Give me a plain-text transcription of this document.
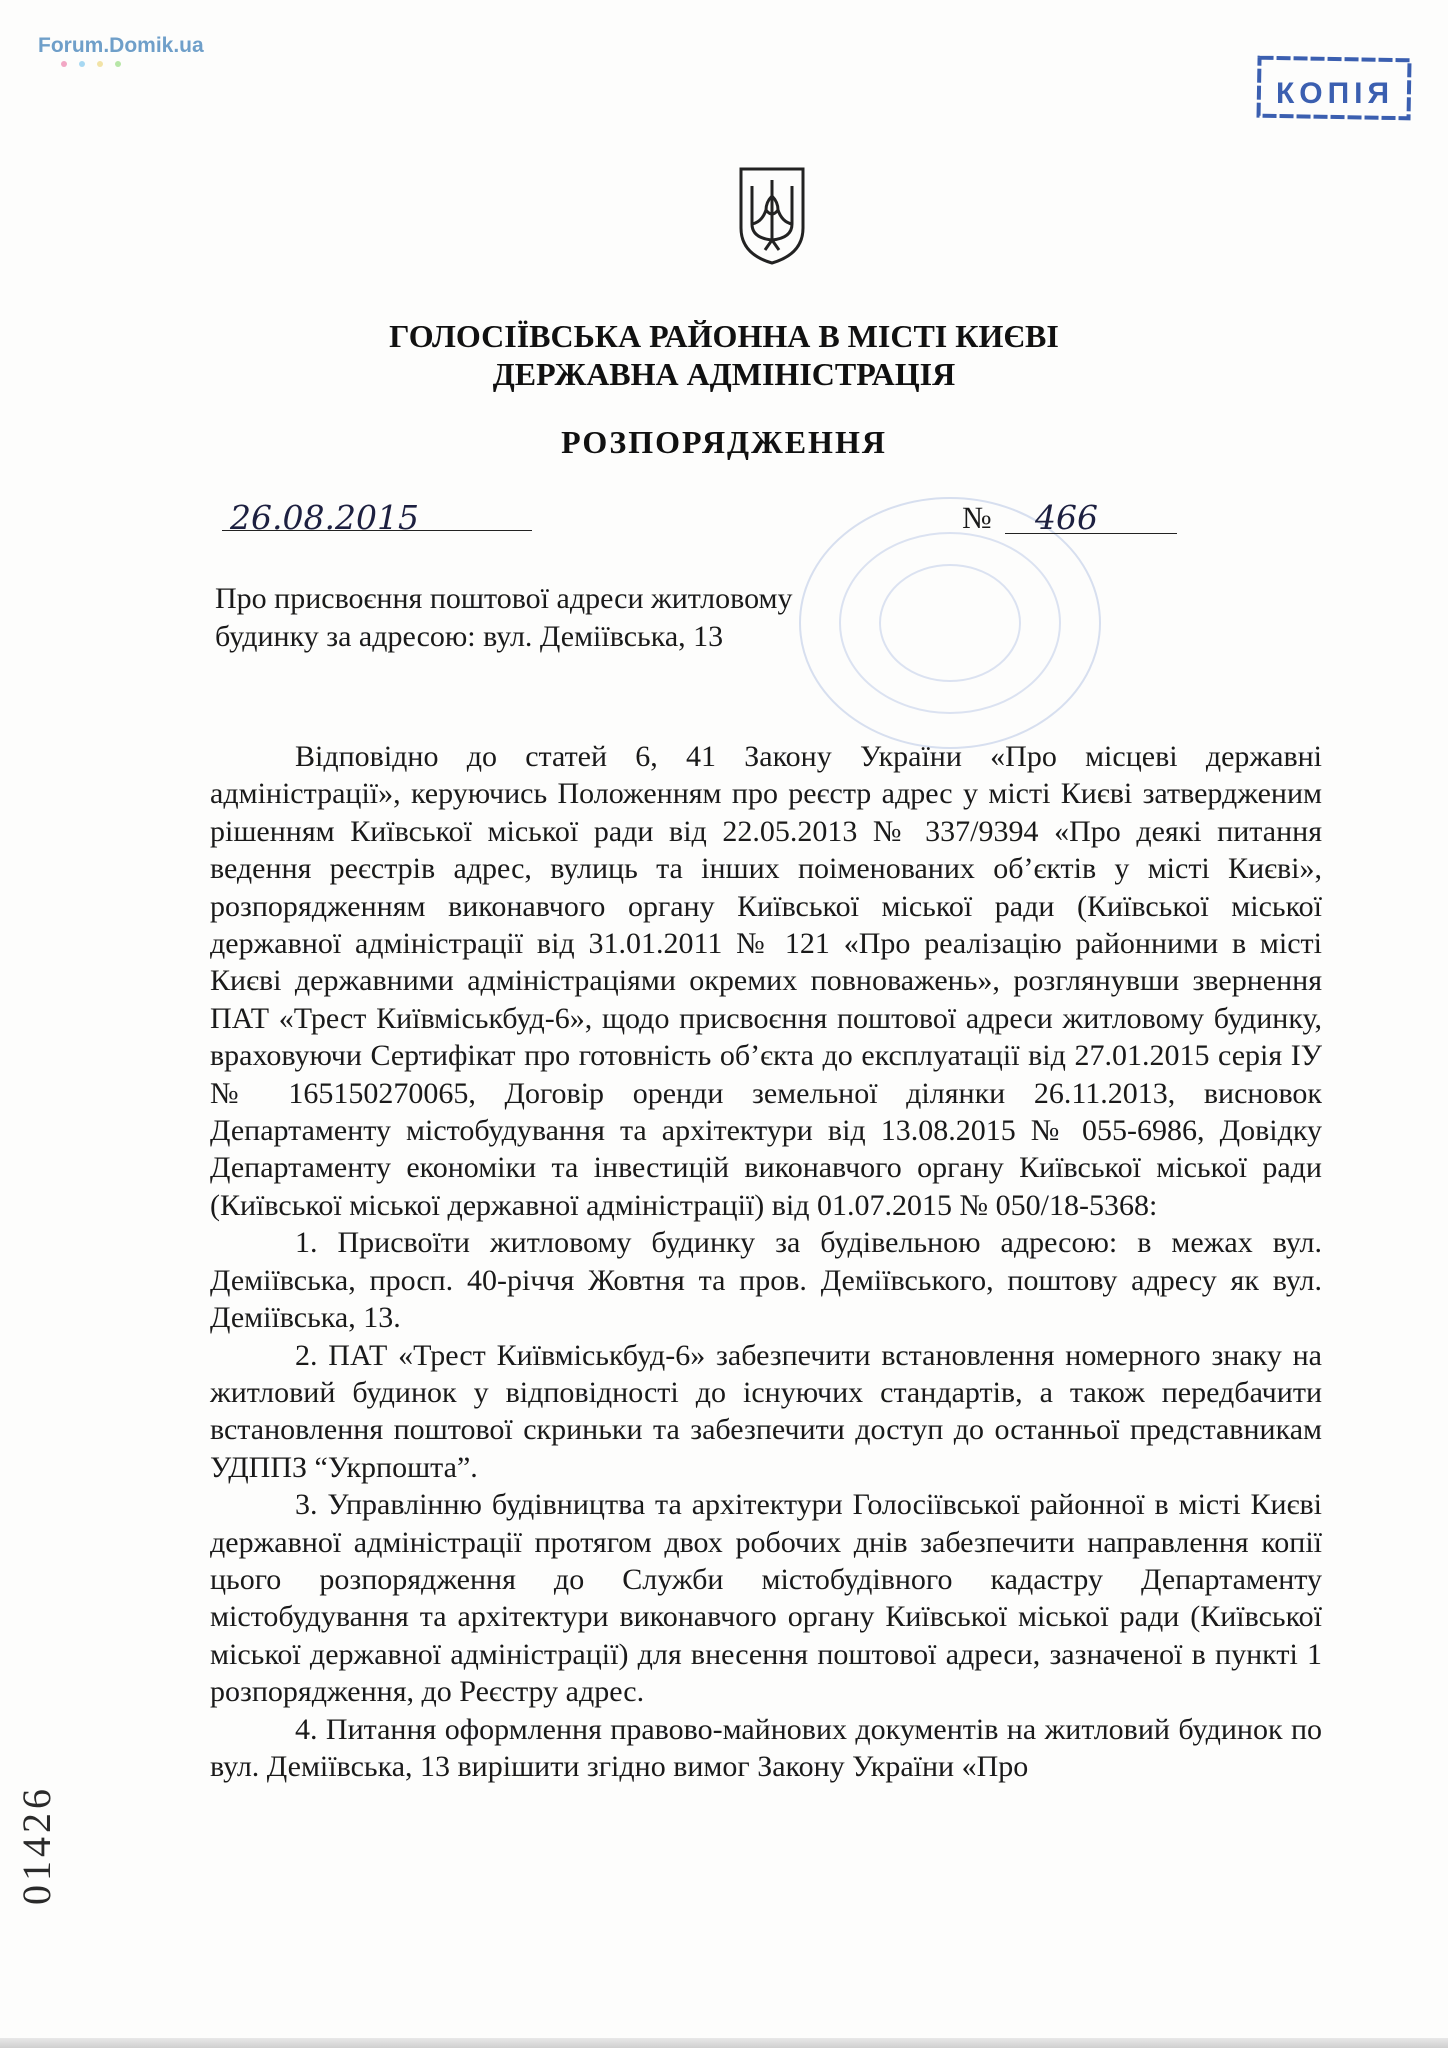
Forum.Domik.ua
КОПІЯ
ГОЛОСІЇВСЬКА РАЙОННА В МІСТІ КИЄВІ
ДЕРЖАВНА АДМІНІСТРАЦІЯ
РОЗПОРЯДЖЕННЯ
26.08.2015	№ 466
Про присвоєння поштової адреси житловому
будинку за адресою: вул. Деміївська, 13

Відповідно до статей 6, 41 Закону України «Про місцеві державні адміністрації», керуючись Положенням про реєстр адрес у місті Києві затвердженим рішенням Київської міської ради від 22.05.2013 № 337/9394 «Про деякі питання ведення реєстрів адрес, вулиць та інших поіменованих об’єктів у місті Києві», розпорядженням виконавчого органу Київської міської ради (Київської міської державної адміністрації від 31.01.2011 № 121 «Про реалізацію районними в місті Києві державними адміністраціями окремих повноважень», розглянувши звернення ПАТ «Трест Київміськбуд-6», щодо присвоєння поштової адреси житловому будинку, враховуючи Сертифікат про готовність об’єкта до експлуатації від 27.01.2015 серія ІУ № 165150270065, Договір оренди земельної ділянки 26.11.2013, висновок Департаменту містобудування та архітектури від 13.08.2015 № 055-6986, Довідку Департаменту економіки та інвестицій виконавчого органу Київської міської ради (Київської міської державної адміністрації) від 01.07.2015 № 050/18-5368:

1. Присвоїти житловому будинку за будівельною адресою: в межах вул. Деміївська, просп. 40-річчя Жовтня та пров. Деміївського, поштову адресу як вул. Деміївська, 13.

2. ПАТ «Трест Київміськбуд-6» забезпечити встановлення номерного знаку на житловий будинок у відповідності до існуючих стандартів, а також передбачити встановлення поштової скриньки та забезпечити доступ до останньої представникам УДППЗ “Укрпошта”.

3. Управлінню будівництва та архітектури Голосіївської районної в місті Києві державної адміністрації протягом двох робочих днів забезпечити направлення копії цього розпорядження до Служби містобудівного кадастру Департаменту містобудування та архітектури виконавчого органу Київської міської ради (Київської міської державної адміністрації) для внесення поштової адреси, зазначеної в пункті 1 розпорядження, до Реєстру адрес.

4. Питання оформлення правово-майнових документів на житловий будинок по вул. Деміївська, 13 вирішити згідно вимог Закону України «Про

01426
